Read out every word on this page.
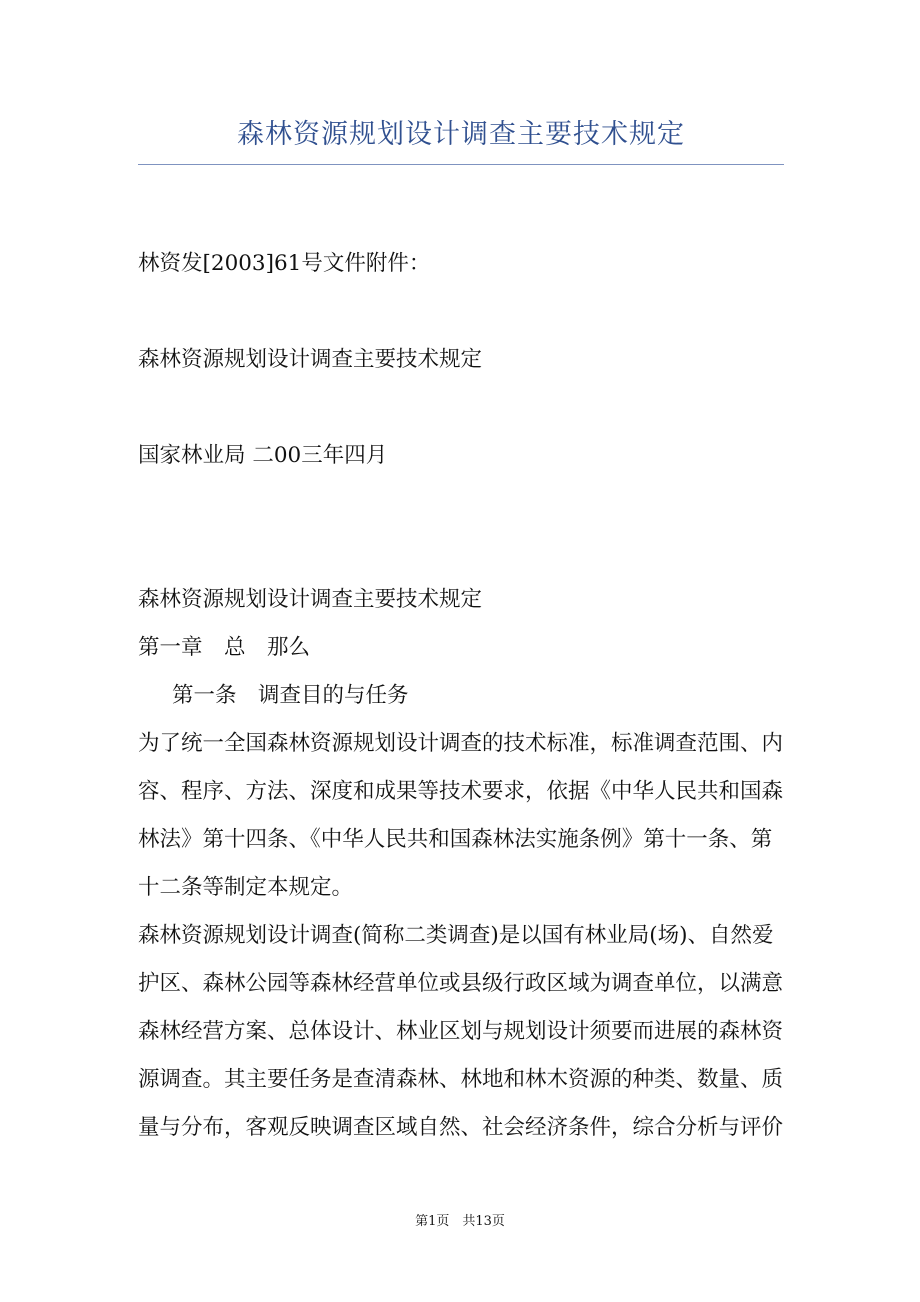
森林资源规划设计调查主要技术规定
林资发[2003]61号文件附件：
森林资源规划设计调查主要技术规定
国家林业局 二00三年四月
森林资源规划设计调查主要技术规定
第一章　总　那么
第一条　调查目的与任务
为了统一全国森林资源规划设计调查的技术标准，标准调查范围、内
容、程序、方法、深度和成果等技术要求，依据《中华人民共和国森
林法》第十四条、《中华人民共和国森林法实施条例》第十一条、第
十二条等制定本规定。
森林资源规划设计调查(简称二类调查)是以国有林业局(场)、自然爱
护区、森林公园等森林经营单位或县级行政区域为调查单位，以满意
森林经营方案、总体设计、林业区划与规划设计须要而进展的森林资
源调查。其主要任务是查清森林、林地和林木资源的种类、数量、质
量与分布，客观反映调查区域自然、社会经济条件，综合分析与评价
第1页　共13页
